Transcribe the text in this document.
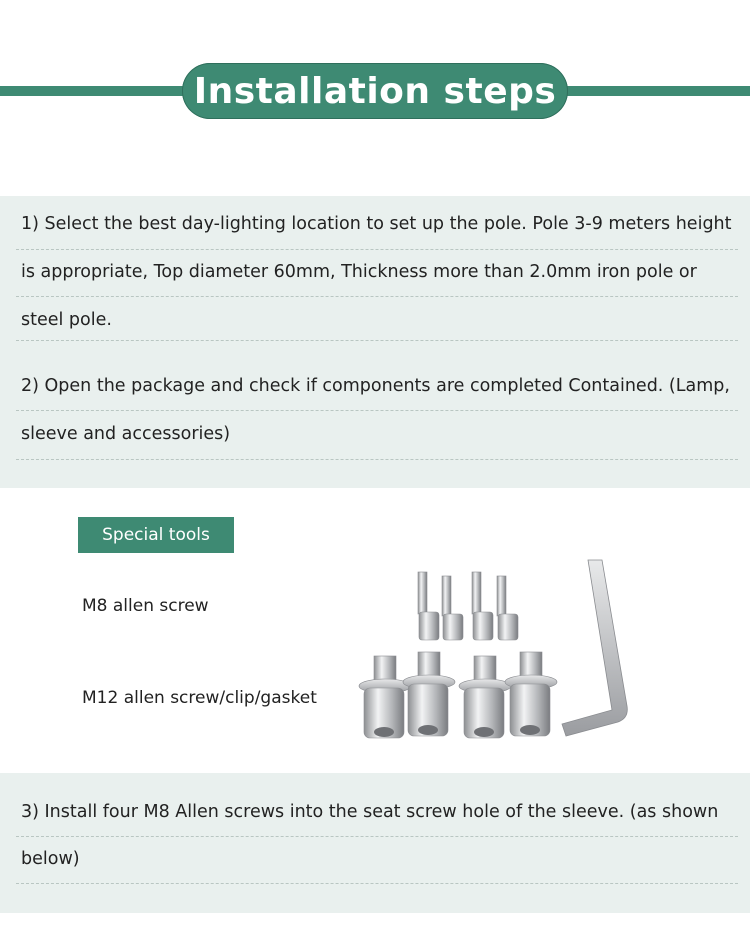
Installation steps
1) Select the best day-lighting location to set up the pole. Pole 3-9 meters height
is appropriate, Top diameter 60mm, Thickness more than 2.0mm iron pole or
steel pole.
2) Open the package and check if components are completed Contained. (Lamp,
sleeve and accessories)
Special tools
M8 allen screw
M12 allen screw/clip/gasket
3) Install four M8 Allen screws into the seat screw hole of the sleeve. (as shown
below)
